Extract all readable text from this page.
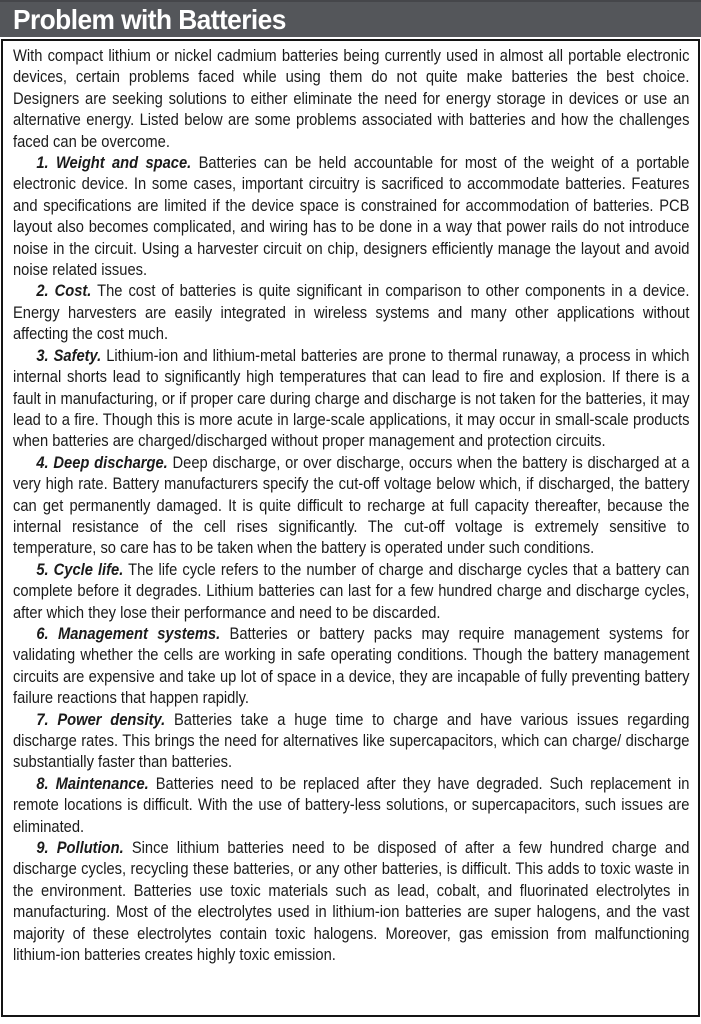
Problem with Batteries

With compact lithium or nickel cadmium batteries being currently used in almost all portable electronic devices, certain problems faced while using them do not quite make batteries the best choice. Designers are seeking solutions to either eliminate the need for energy storage in devices or use an alternative energy. Listed below are some problems associated with batteries and how the challenges faced can be overcome.

1. Weight and space. Batteries can be held accountable for most of the weight of a portable electronic device. In some cases, important circuitry is sacrificed to accommodate batteries. Features and specifications are limited if the device space is constrained for accommodation of batteries. PCB layout also becomes complicated, and wiring has to be done in a way that power rails do not introduce noise in the circuit. Using a harvester circuit on chip, designers efficiently manage the layout and avoid noise related issues.

2. Cost. The cost of batteries is quite significant in comparison to other components in a device. Energy harvesters are easily integrated in wireless systems and many other applications without affecting the cost much.

3. Safety. Lithium-ion and lithium-metal batteries are prone to thermal runaway, a process in which internal shorts lead to significantly high temperatures that can lead to fire and explosion. If there is a fault in manufacturing, or if proper care during charge and discharge is not taken for the batteries, it may lead to a fire. Though this is more acute in large-scale applications, it may occur in small-scale products when batteries are charged/discharged without proper management and protection circuits.

4. Deep discharge. Deep discharge, or over discharge, occurs when the battery is discharged at a very high rate. Battery manufacturers specify the cut-off voltage below which, if discharged, the battery can get permanently damaged. It is quite difficult to recharge at full capacity thereafter, because the internal resistance of the cell rises significantly. The cut-off voltage is extremely sensitive to temperature, so care has to be taken when the battery is operated under such conditions.

5. Cycle life. The life cycle refers to the number of charge and discharge cycles that a battery can complete before it degrades. Lithium batteries can last for a few hundred charge and discharge cycles, after which they lose their performance and need to be discarded.

6. Management systems. Batteries or battery packs may require management systems for validating whether the cells are working in safe operating conditions. Though the battery management circuits are expensive and take up lot of space in a device, they are incapable of fully preventing battery failure reactions that happen rapidly.

7. Power density. Batteries take a huge time to charge and have various issues regarding discharge rates. This brings the need for alternatives like supercapacitors, which can charge/ discharge substantially faster than batteries.

8. Maintenance. Batteries need to be replaced after they have degraded. Such replacement in remote locations is difficult. With the use of battery-less solutions, or supercapacitors, such issues are eliminated.

9. Pollution. Since lithium batteries need to be disposed of after a few hundred charge and discharge cycles, recycling these batteries, or any other batteries, is difficult. This adds to toxic waste in the environment. Batteries use toxic materials such as lead, cobalt, and fluorinated electrolytes in manufacturing. Most of the electrolytes used in lithium-ion batteries are super halogens, and the vast majority of these electrolytes contain toxic halogens. Moreover, gas emission from malfunctioning lithium-ion batteries creates highly toxic emission.
